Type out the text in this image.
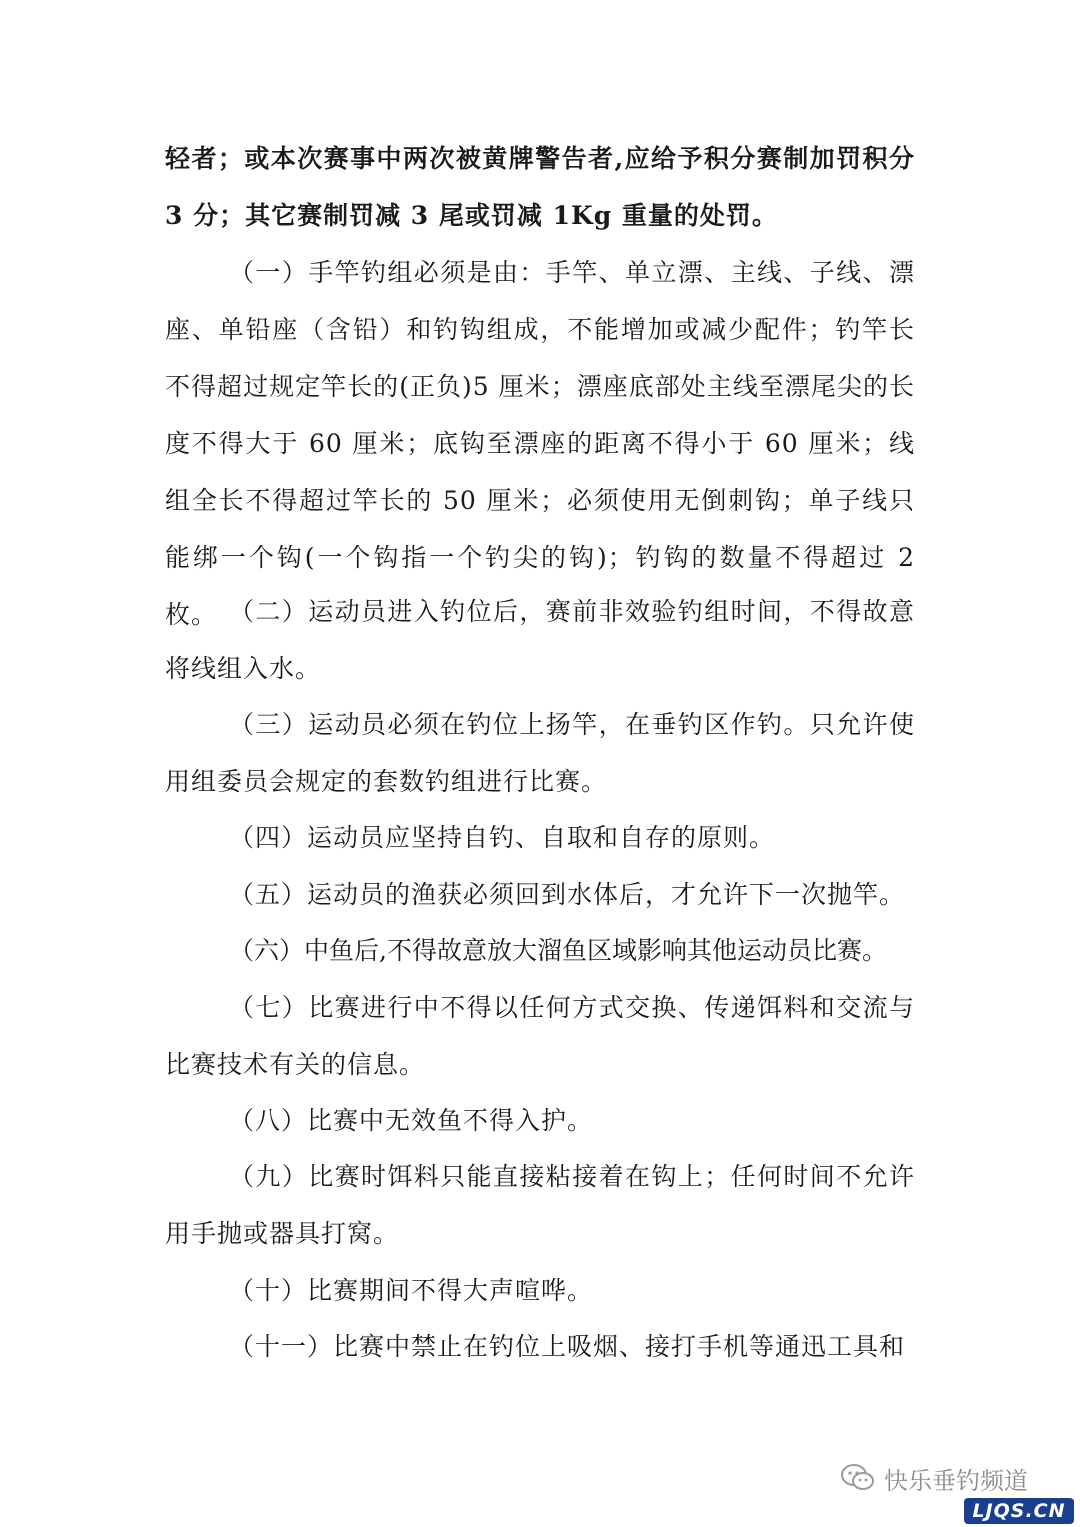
轻者；或本次赛事中两次被黄牌警告者,应给予积分赛制加罚积分 3 分；其它赛制罚减 3 尾或罚减 1Kg 重量的处罚。

（一）手竿钓组必须是由：手竿、单立漂、主线、子线、漂座、单铅座（含铅）和钓钩组成，不能增加或减少配件；钓竿长不得超过规定竿长的(正负)5 厘米；漂座底部处主线至漂尾尖的长度不得大于 60 厘米；底钩至漂座的距离不得小于 60 厘米；线组全长不得超过竿长的 50 厘米；必须使用无倒刺钩；单子线只能绑一个钩(一个钩指一个钓尖的钩)；钓钩的数量不得超过 2 枚。 （二）运动员进入钓位后，赛前非效验钓组时间，不得故意将线组入水。

（三）运动员必须在钓位上扬竿，在垂钓区作钓。只允许使用组委员会规定的套数钓组进行比赛。

（四）运动员应坚持自钓、自取和自存的原则。

（五）运动员的渔获必须回到水体后，才允许下一次抛竿。

（六）中鱼后,不得故意放大溜鱼区域影响其他运动员比赛。

（七）比赛进行中不得以任何方式交换、传递饵料和交流与比赛技术有关的信息。

（八）比赛中无效鱼不得入护。

（九）比赛时饵料只能直接粘接着在钩上；任何时间不允许用手抛或器具打窝。

（十）比赛期间不得大声喧哗。

（十一）比赛中禁止在钓位上吸烟、接打手机等通迅工具和

快乐垂钓频道
LJQS.CN
